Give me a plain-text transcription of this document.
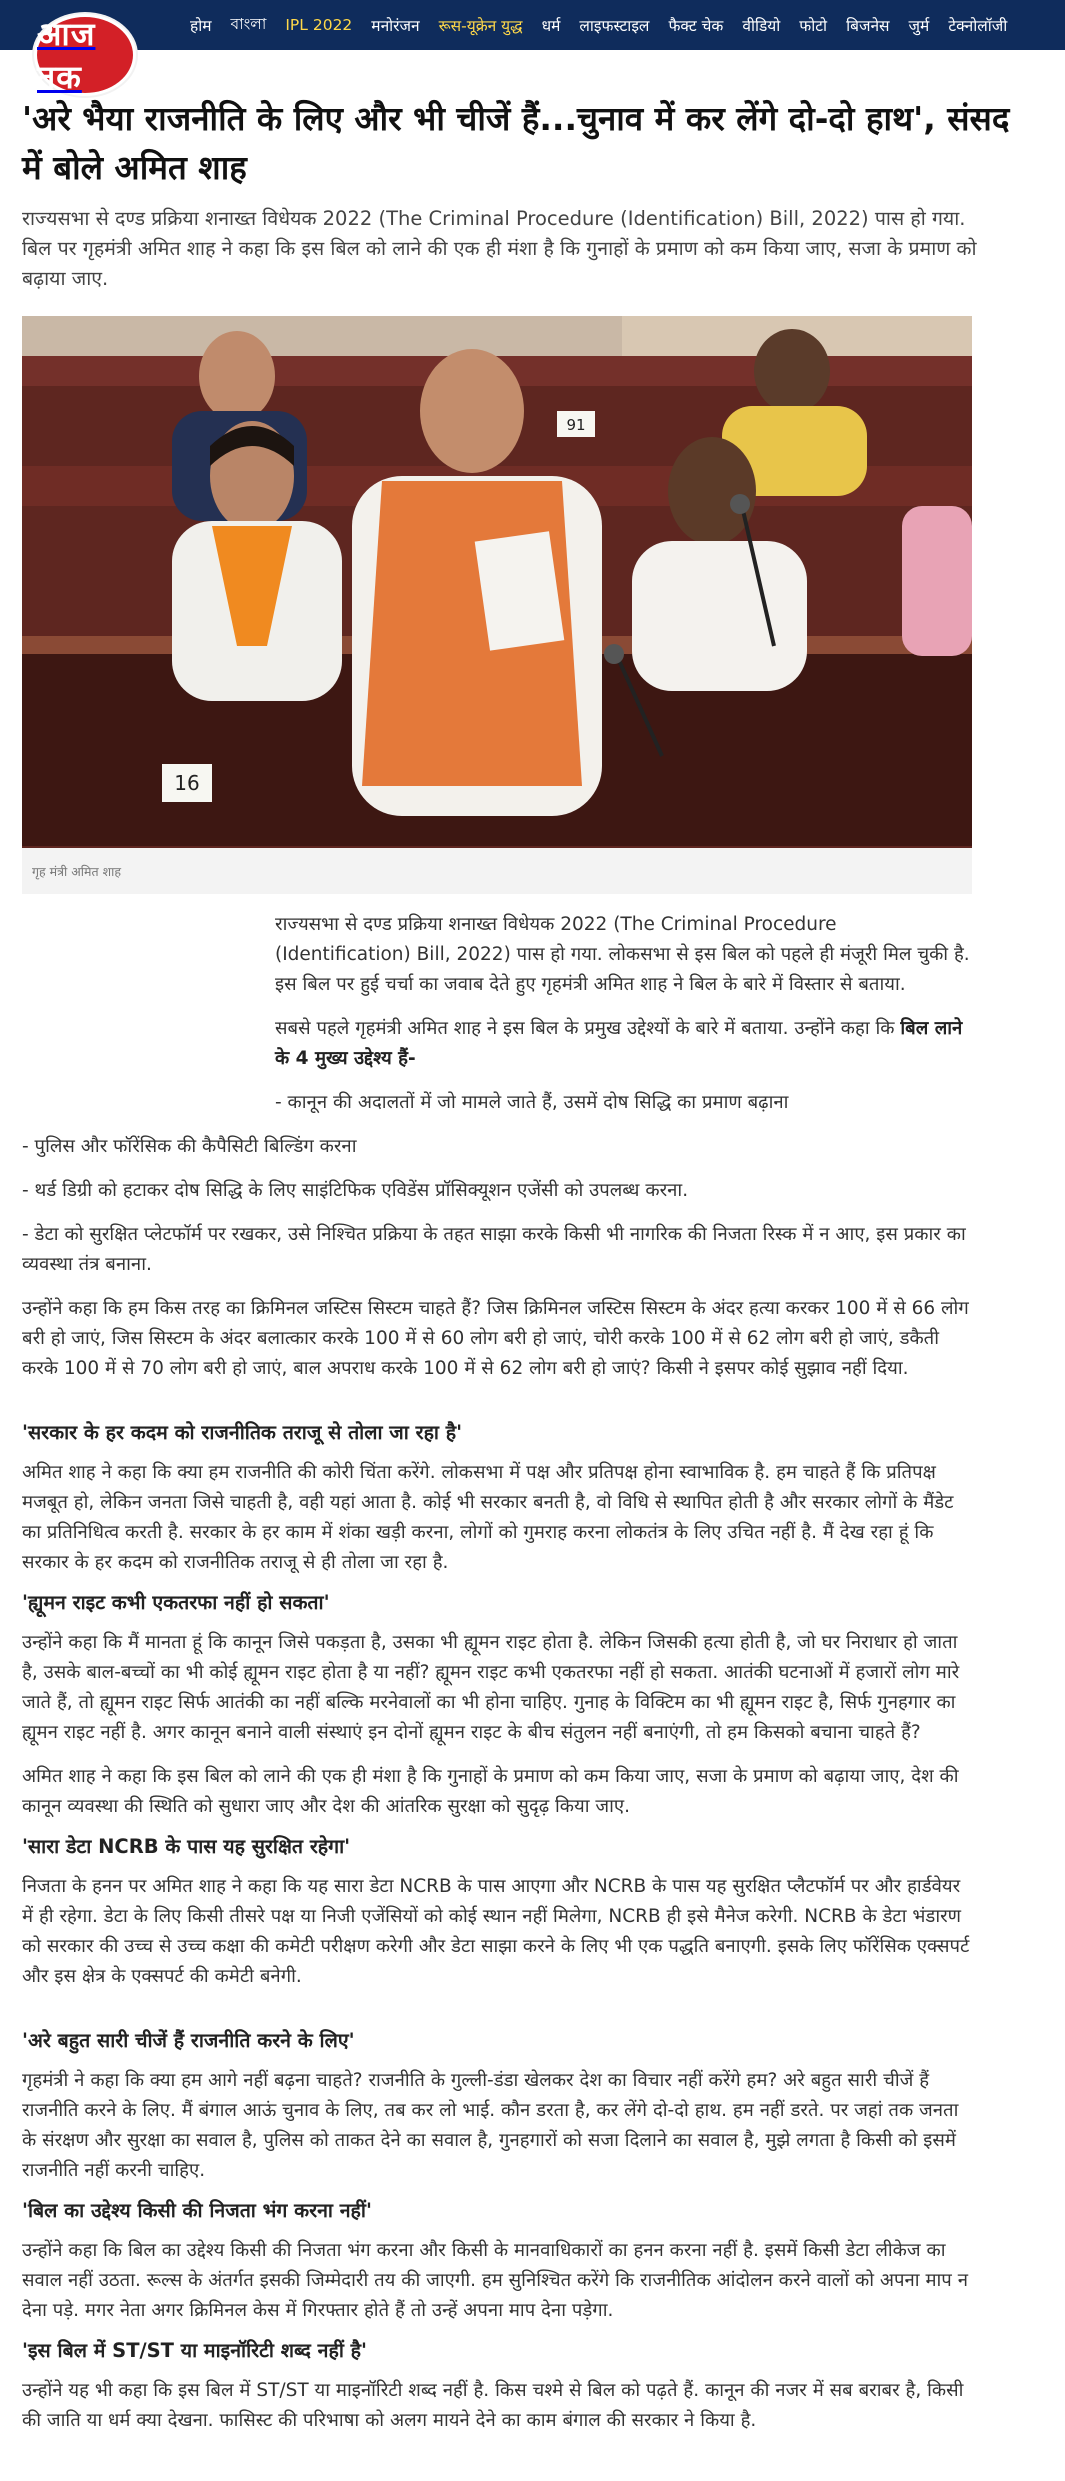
होम বাংলা IPL 2022 मनोरंजन रूस-यूक्रेन युद्ध धर्म लाइफस्टाइल फैक्ट चेक वीडियो फोटो बिजनेस जुर्म टेक्नोलॉजी
आज तक
'अरे भैया राजनीति के लिए और भी चीजें हैं...चुनाव में कर लेंगे दो-दो हाथ', संसद में बोले अमित शाह

राज्यसभा से दण्ड प्रक्रिया शनाख्त विधेयक 2022 (The Criminal Procedure (Identification) Bill, 2022) पास हो गया. बिल पर गृहमंत्री अमित शाह ने कहा कि इस बिल को लाने की एक ही मंशा है कि गुनाहों के प्रमाण को कम किया जाए, सजा के प्रमाण को बढ़ाया जाए.

16
91
गृह मंत्री अमित शाह

राज्यसभा से दण्ड प्रक्रिया शनाख्त विधेयक 2022 (The Criminal Procedure (Identification) Bill, 2022) पास हो गया. लोकसभा से इस बिल को पहले ही मंजूरी मिल चुकी है. इस बिल पर हुई चर्चा का जवाब देते हुए गृहमंत्री अमित शाह ने बिल के बारे में विस्तार से बताया.

सबसे पहले गृहमंत्री अमित शाह ने इस बिल के प्रमुख उद्देश्यों के बारे में बताया. उन्होंने कहा कि बिल लाने के 4 मुख्य उद्देश्य हैं-

- कानून की अदालतों में जो मामले जाते हैं, उसमें दोष सिद्धि का प्रमाण बढ़ाना

- पुलिस और फॉरेंसिक की कैपैसिटी बिल्डिंग करना

- थर्ड डिग्री को हटाकर दोष सिद्धि के लिए साइंटिफिक एविडेंस प्रॉसिक्यूशन एजेंसी को उपलब्ध करना.

- डेटा को सुरक्षित प्लेटफॉर्म पर रखकर, उसे निश्चित प्रक्रिया के तहत साझा करके किसी भी नागरिक की निजता रिस्क में न आए, इस प्रकार का व्यवस्था तंत्र बनाना.

उन्होंने कहा कि हम किस तरह का क्रिमिनल जस्टिस सिस्टम चाहते हैं? जिस क्रिमिनल जस्टिस सिस्टम के अंदर हत्या करकर 100 में से 66 लोग बरी हो जाएं, जिस सिस्टम के अंदर बलात्कार करके 100 में से 60 लोग बरी हो जाएं, चोरी करके 100 में से 62 लोग बरी हो जाएं, डकैती करके 100 में से 70 लोग बरी हो जाएं, बाल अपराध करके 100 में से 62 लोग बरी हो जाएं? किसी ने इसपर कोई सुझाव नहीं दिया.

'सरकार के हर कदम को राजनीतिक तराजू से तोला जा रहा है'

अमित शाह ने कहा कि क्या हम राजनीति की कोरी चिंता करेंगे. लोकसभा में पक्ष और प्रतिपक्ष होना स्वाभाविक है. हम चाहते हैं कि प्रतिपक्ष मजबूत हो, लेकिन जनता जिसे चाहती है, वही यहां आता है. कोई भी सरकार बनती है, वो विधि से स्थापित होती है और सरकार लोगों के मैंडेट का प्रतिनिधित्व करती है. सरकार के हर काम में शंका खड़ी करना, लोगों को गुमराह करना लोकतंत्र के लिए उचित नहीं है. मैं देख रहा हूं कि सरकार के हर कदम को राजनीतिक तराजू से ही तोला जा रहा है.

'ह्यूमन राइट कभी एकतरफा नहीं हो सकता'

उन्होंने कहा कि मैं मानता हूं कि कानून जिसे पकड़ता है, उसका भी ह्यूमन राइट होता है. लेकिन जिसकी हत्या होती है, जो घर निराधार हो जाता है, उसके बाल-बच्चों का भी कोई ह्यूमन राइट होता है या नहीं? ह्यूमन राइट कभी एकतरफा नहीं हो सकता. आतंकी घटनाओं में हजारों लोग मारे जाते हैं, तो ह्यूमन राइट सिर्फ आतंकी का नहीं बल्कि मरनेवालों का भी होना चाहिए. गुनाह के विक्टिम का भी ह्यूमन राइट है, सिर्फ गुनहगार का ह्यूमन राइट नहीं है. अगर कानून बनाने वाली संस्थाएं इन दोनों ह्यूमन राइट के बीच संतुलन नहीं बनाएंगी, तो हम किसको बचाना चाहते हैं?

अमित शाह ने कहा कि इस बिल को लाने की एक ही मंशा है कि गुनाहों के प्रमाण को कम किया जाए, सजा के प्रमाण को बढ़ाया जाए, देश की कानून व्यवस्था की स्थिति को सुधारा जाए और देश की आंतरिक सुरक्षा को सुदृढ़ किया जाए.

'सारा डेटा NCRB के पास यह सुरक्षित रहेगा'

निजता के हनन पर अमित शाह ने कहा कि यह सारा डेटा NCRB के पास आएगा और NCRB के पास यह सुरक्षित प्लैटफॉर्म पर और हार्डवेयर में ही रहेगा. डेटा के लिए किसी तीसरे पक्ष या निजी एजेंसियों को कोई स्थान नहीं मिलेगा, NCRB ही इसे मैनेज करेगी. NCRB के डेटा भंडारण को सरकार की उच्च से उच्च कक्षा की कमेटी परीक्षण करेगी और डेटा साझा करने के लिए भी एक पद्धति बनाएगी. इसके लिए फॉरेंसिक एक्सपर्ट और इस क्षेत्र के एक्सपर्ट की कमेटी बनेगी.

'अरे बहुत सारी चीजें हैं राजनीति करने के लिए'

गृहमंत्री ने कहा कि क्या हम आगे नहीं बढ़ना चाहते? राजनीति के गुल्ली-डंडा खेलकर देश का विचार नहीं करेंगे हम? अरे बहुत सारी चीजें हैं राजनीति करने के लिए. मैं बंगाल आऊं चुनाव के लिए, तब कर लो भाई. कौन डरता है, कर लेंगे दो-दो हाथ. हम नहीं डरते. पर जहां तक जनता के संरक्षण और सुरक्षा का सवाल है, पुलिस को ताकत देने का सवाल है, गुनहगारों को सजा दिलाने का सवाल है, मुझे लगता है किसी को इसमें राजनीति नहीं करनी चाहिए.

'बिल का उद्देश्य किसी की निजता भंग करना नहीं'

उन्होंने कहा कि बिल का उद्देश्य किसी की निजता भंग करना और किसी के मानवाधिकारों का हनन करना नहीं है. इसमें किसी डेटा लीकेज का सवाल नहीं उठता. रूल्स के अंतर्गत इसकी जिम्मेदारी तय की जाएगी. हम सुनिश्चित करेंगे कि राजनीतिक आंदोलन करने वालों को अपना माप न देना पड़े. मगर नेता अगर क्रिमिनल केस में गिरफ्तार होते हैं तो उन्हें अपना माप देना पड़ेगा.

'इस बिल में ST/ST या माइनॉरिटी शब्द नहीं है'

उन्होंने यह भी कहा कि इस बिल में ST/ST या माइनॉरिटी शब्द नहीं है. किस चश्मे से बिल को पढ़ते हैं. कानून की नजर में सब बराबर है, किसी की जाति या धर्म क्या देखना. फासिस्ट की परिभाषा को अलग मायने देने का काम बंगाल की सरकार ने किया है.
